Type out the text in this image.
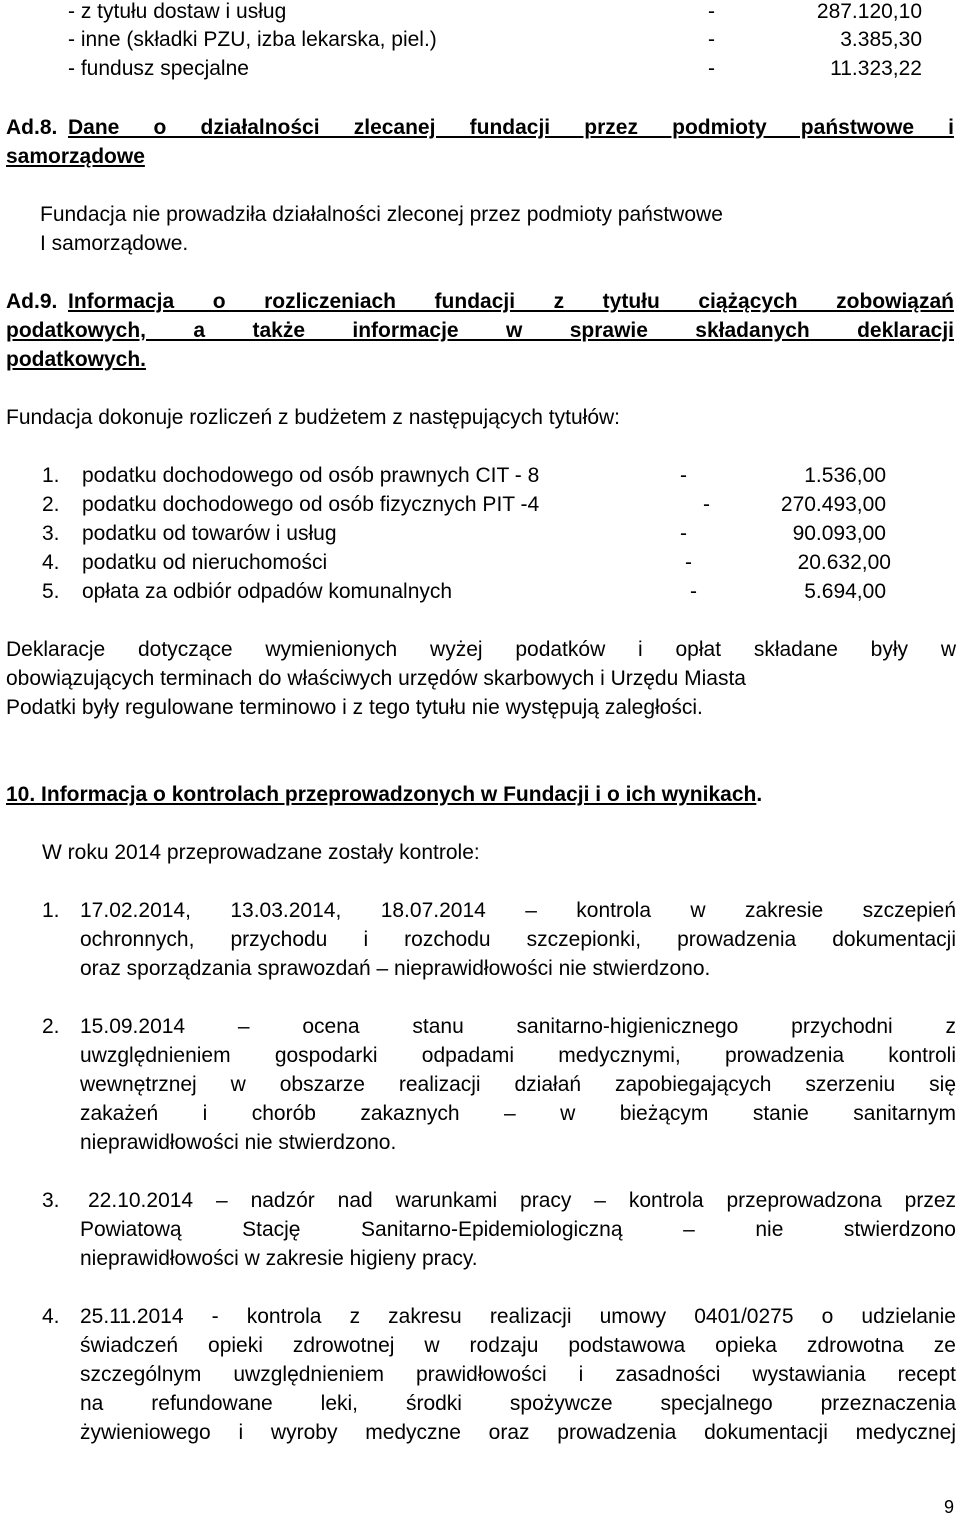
- z tytułu dostaw i usług	-	287.120,10
- inne (składki PZU, izba lekarska, piel.)	-	3.385,30
- fundusz specjalne	-	11.323,22
Ad.8. Dane o działalności zlecanej fundacji przez podmioty państwowe i
samorządowe
Fundacja nie prowadziła działalności zleconej przez podmioty państwowe
I samorządowe.
Ad.9. Informacja o rozliczeniach fundacji z tytułu ciążących zobowiązań
podatkowych, a także informacje w sprawie składanych deklaracji
podatkowych.
Fundacja dokonuje rozliczeń z budżetem z następujących tytułów:
1. podatku dochodowego od osób prawnych CIT - 8	-	1.536,00
2. podatku dochodowego od osób fizycznych PIT -4	-	270.493,00
3. podatku od towarów i usług	-	90.093,00
4. podatku od nieruchomości	-	20.632,00
5. opłata za odbiór odpadów komunalnych	-	5.694,00
Deklaracje dotyczące wymienionych wyżej podatków i opłat składane były w
obowiązujących terminach do właściwych urzędów skarbowych i Urzędu Miasta
Podatki były regulowane terminowo i z tego tytułu nie występują zaległości.
10. Informacja o kontrolach przeprowadzonych w Fundacji i o ich wynikach.
W roku 2014 przeprowadzane zostały kontrole:
1. 17.02.2014, 13.03.2014, 18.07.2014 – kontrola w zakresie szczepień
ochronnych, przychodu i rozchodu szczepionki, prowadzenia dokumentacji
oraz sporządzania sprawozdań – nieprawidłowości nie stwierdzono.
2. 15.09.2014 – ocena stanu sanitarno-higienicznego przychodni z
uwzględnieniem gospodarki odpadami medycznymi, prowadzenia kontroli
wewnętrznej w obszarze realizacji działań zapobiegających szerzeniu się
zakażeń i chorób zakaznych – w bieżącym stanie sanitarnym
nieprawidłowości nie stwierdzono.
3. 22.10.2014 – nadzór nad warunkami pracy – kontrola przeprowadzona przez
Powiatową Stację Sanitarno-Epidemiologiczną – nie stwierdzono
nieprawidłowości w zakresie higieny pracy.
4. 25.11.2014 - kontrola z zakresu realizacji umowy 0401/0275 o udzielanie
świadczeń opieki zdrowotnej w rodzaju podstawowa opieka zdrowotna ze
szczególnym uwzględnieniem prawidłowości i zasadności wystawiania recept
na refundowane leki, środki spożywcze specjalnego przeznaczenia
żywieniowego i wyroby medyczne oraz prowadzenia dokumentacji medycznej
9
